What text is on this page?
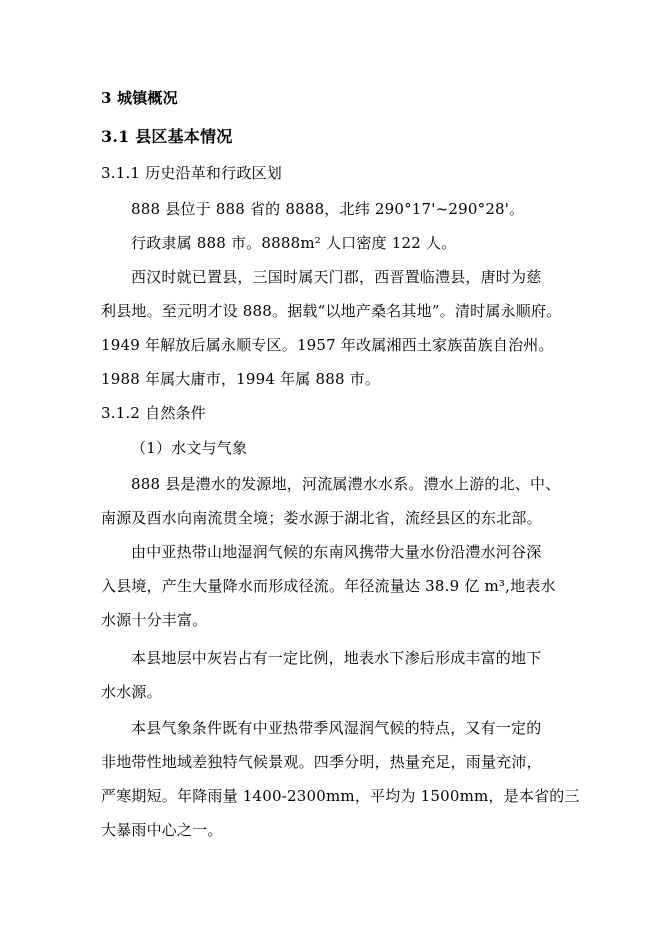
3 城镇概况
3.1 县区基本情况
3.1.1 历史沿革和行政区划
888 县位于 888 省的 8888，北纬 290°17'~290°28'。
行政隶属 888 市。8888m² 人口密度 122 人。
西汉时就已置县，三国时属天门郡，西晋置临澧县，唐时为慈
利县地。至元明才设 888。据载“以地产桑名其地”。清时属永顺府。
1949 年解放后属永顺专区。1957 年改属湘西土家族苗族自治州。
1988 年属大庸市，1994 年属 888 市。
3.1.2 自然条件
（1）水文与气象
888 县是澧水的发源地，河流属澧水水系。澧水上游的北、中、
南源及酉水向南流贯全境；娄水源于湖北省，流经县区的东北部。
由中亚热带山地湿润气候的东南风携带大量水份沿澧水河谷深
入县境，产生大量降水而形成径流。年径流量达 38.9 亿 m³,地表水
水源十分丰富。
本县地层中灰岩占有一定比例，地表水下渗后形成丰富的地下
水水源。
本县气象条件既有中亚热带季风湿润气候的特点，又有一定的
非地带性地域差独特气候景观。四季分明，热量充足，雨量充沛，
严寒期短。年降雨量 1400-2300mm，平均为 1500mm，是本省的三
大暴雨中心之一。
